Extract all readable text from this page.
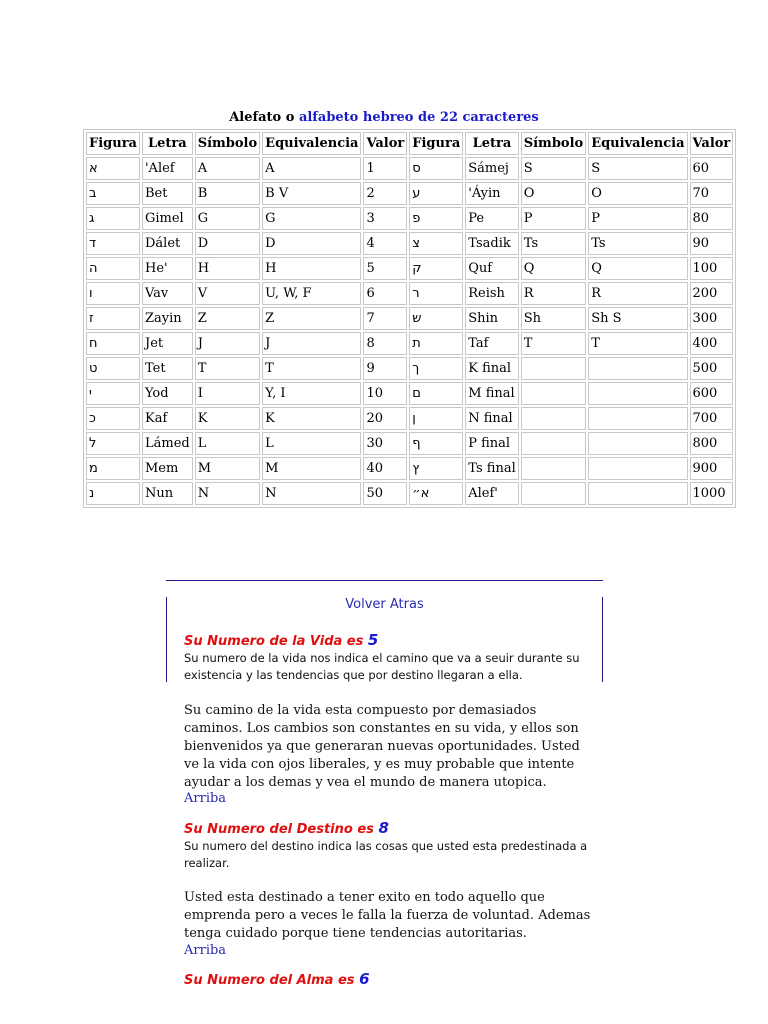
Alefato o alfabeto hebreo de 22 caracteres
Figura	Letra	Símbolo	Equivalencia	Valor	Figura	Letra	Símbolo	Equivalencia	Valor
א	'Alef	A	A	1	ס	Sámej	S	S	60
ב	Bet	B	B V	2	ע	'Áyin	O	O	70
ג	Gimel	G	G	3	פ	Pe	P	P	80
ד	Dálet	D	D	4	צ	Tsadik	Ts	Ts	90
ה	He'	H	H	5	ק	Quf	Q	Q	100
ו	Vav	V	U, W, F	6	ר	Reish	R	R	200
ז	Zayin	Z	Z	7	ש	Shin	Sh	Sh S	300
ח	Jet	J	J	8	ת	Taf	T	T	400
ט	Tet	T	T	9	ך	K final			500
י	Yod	I	Y, I	10	ם	M final			600
כ	Kaf	K	K	20	ן	N final			700
ל	Lámed	L	L	30	ף	P final			800
מ	Mem	M	M	40	ץ	Ts final			900
נ	Nun	N	N	50	א״	Alef'			1000
Volver Atras
Su Numero de la Vida es 5
Su numero de la vida nos indica el camino que va a seuir durante su existencia y las tendencias que por destino llegaran a ella.
Su camino de la vida esta compuesto por demasiados caminos. Los cambios son constantes en su vida, y ellos son bienvenidos ya que generaran nuevas oportunidades. Usted ve la vida con ojos liberales, y es muy probable que intente ayudar a los demas y vea el mundo de manera utopica.
Arriba
Su Numero del Destino es 8
Su numero del destino indica las cosas que usted esta predestinada a realizar.
Usted esta destinado a tener exito en todo aquello que emprenda pero a veces le falla la fuerza de voluntad. Ademas tenga cuidado porque tiene tendencias autoritarias.
Arriba
Su Numero del Alma es 6
